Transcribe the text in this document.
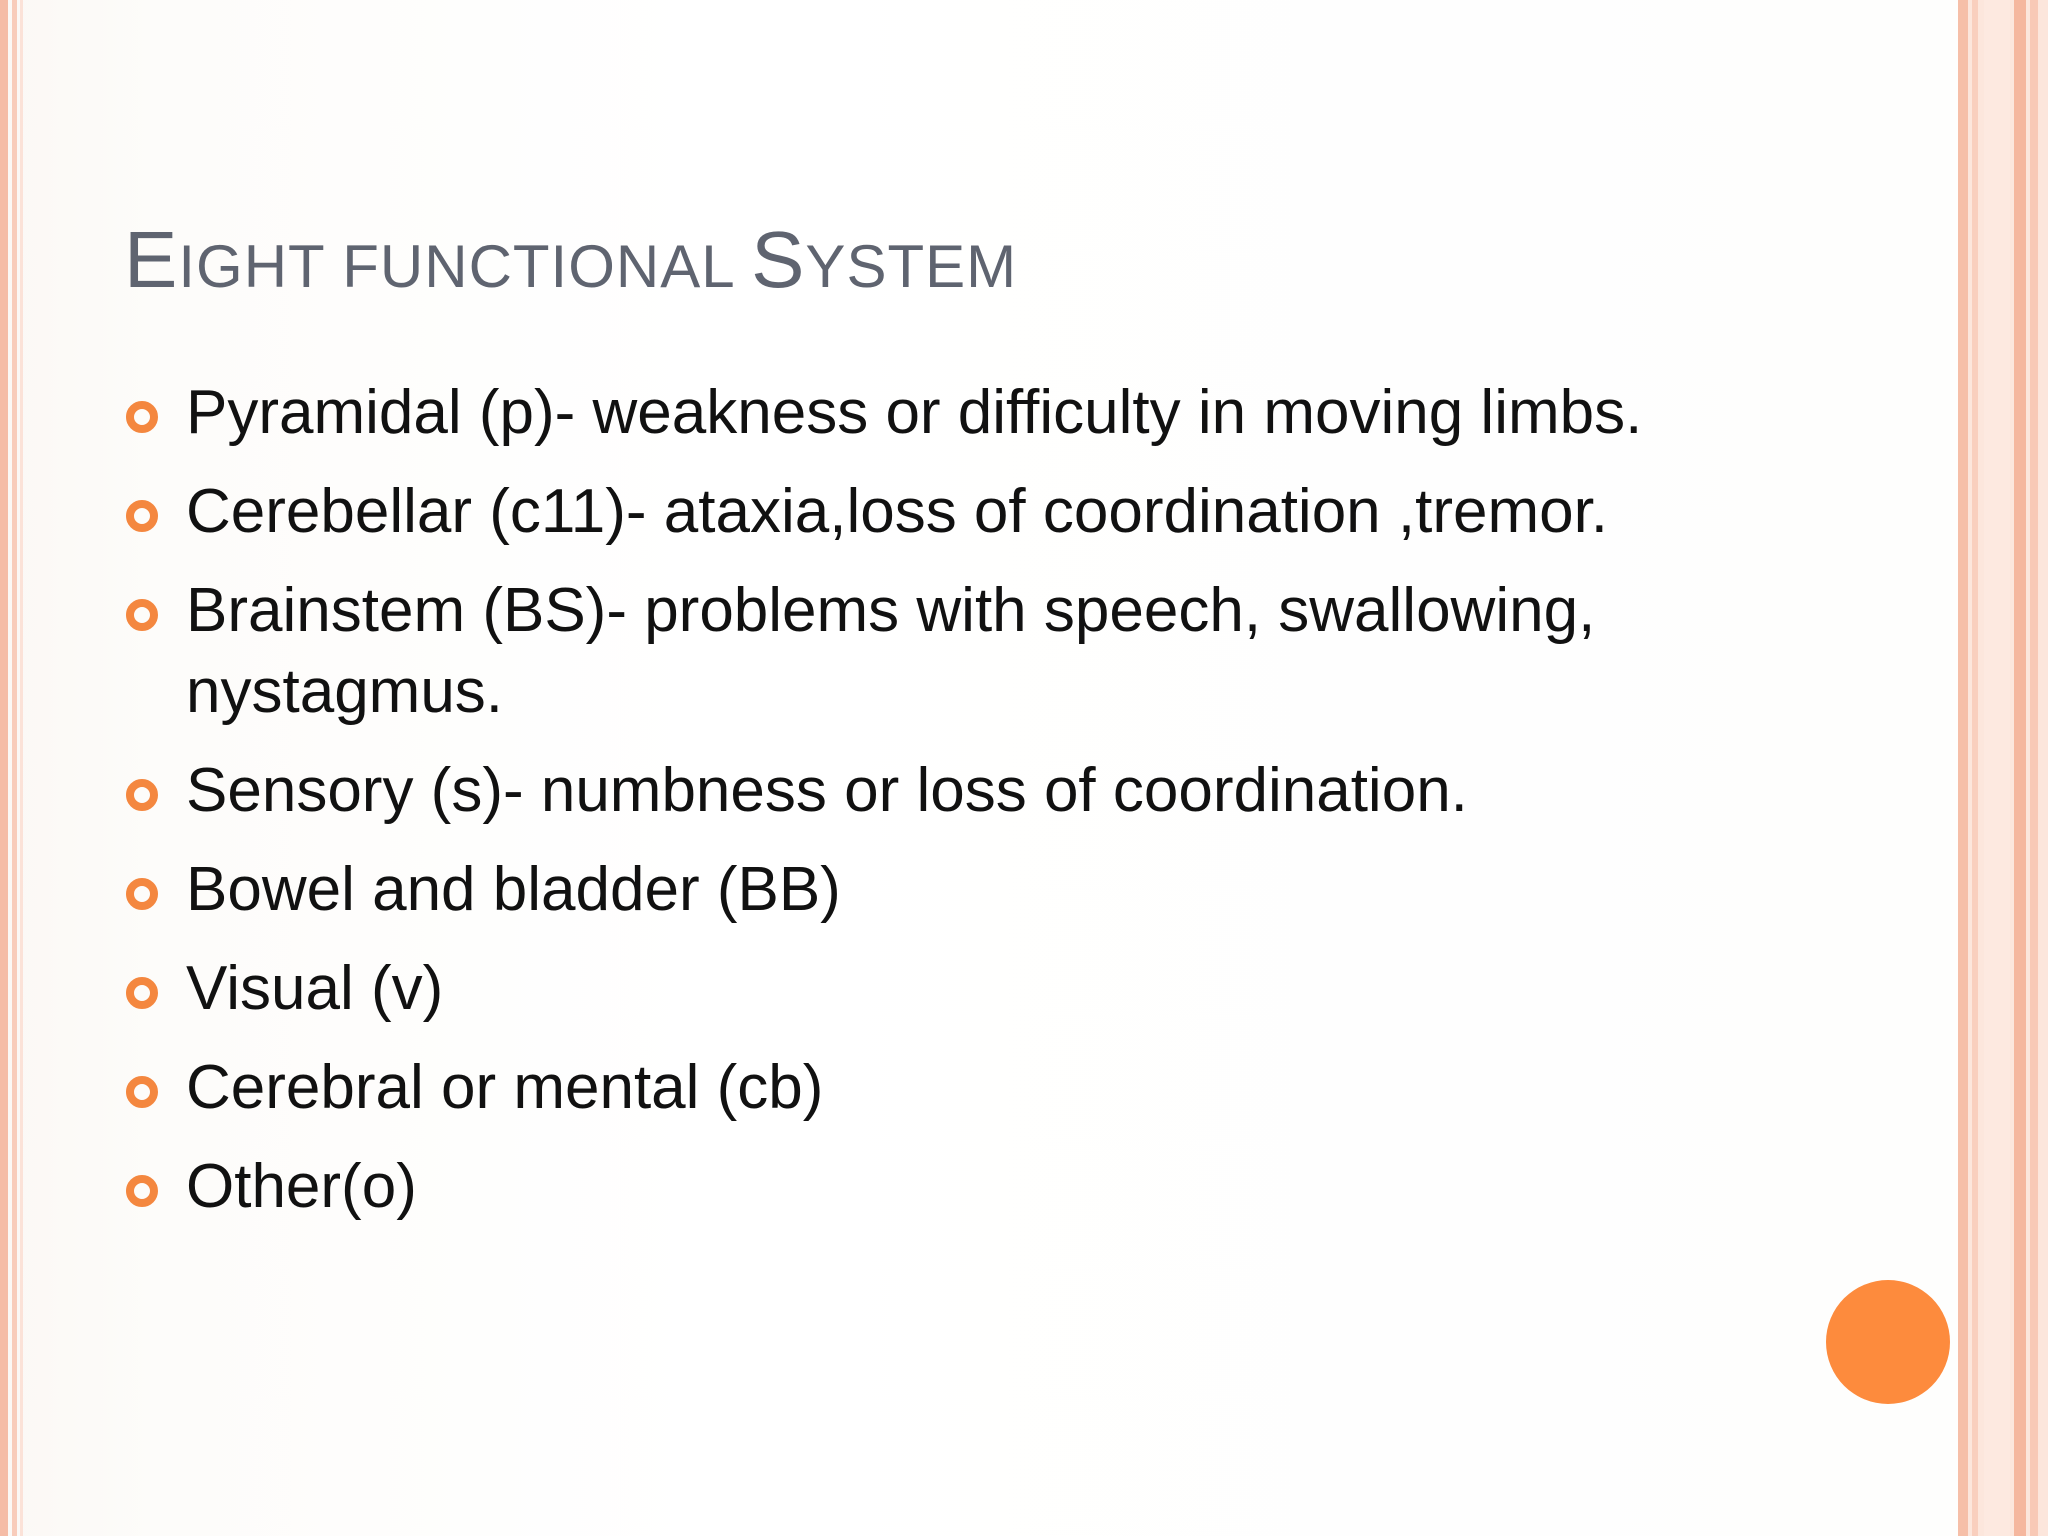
EIGHT FUNCTIONAL SYSTEM
Pyramidal (p)- weakness or difficulty in moving limbs.
Cerebellar (c11)- ataxia,loss of coordination ,tremor.
Brainstem (BS)- problems with speech, swallowing, nystagmus.
Sensory (s)- numbness or loss of coordination.
Bowel and bladder (BB)
Visual (v)
Cerebral or mental (cb)
Other(o)
